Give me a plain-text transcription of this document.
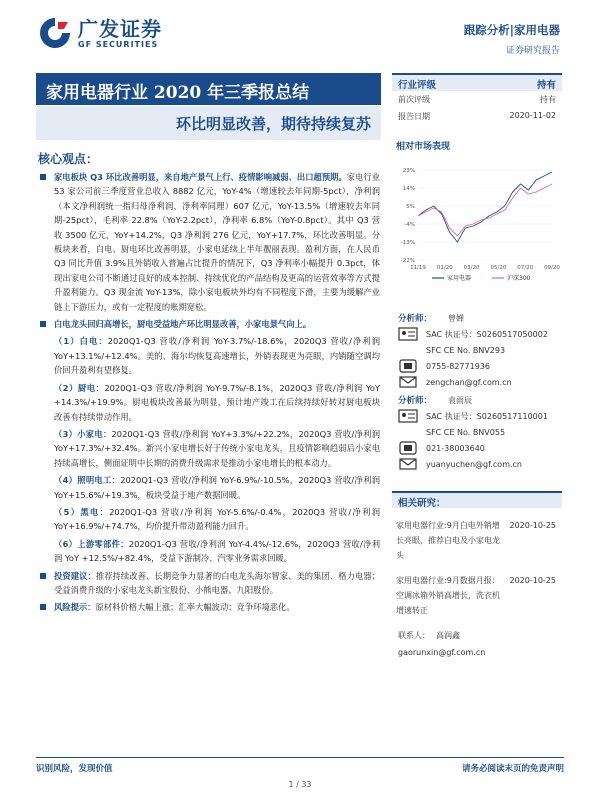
广发证券
GF SECURITIES
跟踪分析|家用电器
证券研究报告
家用电器行业 2020 年三季报总结
环比明显改善，期待持续复苏
核心观点：

家电板块 Q3 环比改善明显，来自地产景气上行、疫情影响减弱、出口超预期。家电行业 53 家公司前三季度营业总收入 8882 亿元，YoY-4%（增速较去年同期-5pct），净利润（本文净利润统一指归母净利润，净利率同理）607 亿元，YoY-13.5%（增速较去年同期-25pct），毛利率 22.8%（YoY-2.2pct），净利率 6.8%（YoY-0.8pct）。其中 Q3 营收 3500 亿元，YoY+14.2%，Q3 净利润 276 亿元，YoY+17.7%，环比改善明显。分板块来看，白电、厨电环比改善明显，小家电延续上半年靓丽表现。盈利方面，在人民币 Q3 同比升值 3.9%且外销收入普遍占比提升的情况下，Q3 净利率小幅提升 0.3pct，体现出家电公司不断通过良好的成本控制、持续优化的产品结构及更高的运营效率等方式提升盈利能力。Q3 现金流 YoY-13%，除小家电板块外均有不同程度下滑，主要为缓解产业链上下游压力，或有一定程度的账期宽松。

白电龙头回归高增长，厨电受益地产环比明显改善，小家电景气向上。

（1）白电：2020Q1-Q3 营收/净利润 YoY-3.7%/-18.6%，2020Q3 营收/净利润 YoY+13.1%/+12.4%。美的、海尔均恢复高速增长，外销表现更为亮眼，内销随空调均价回升盈利有望修复。

（2）厨电：2020Q1-Q3 营收/净利润 YoY-9.7%/-8.1%，2020Q3 营收/净利润 YoY +14.3%/+19.9%。厨电板块改善最为明显，预计地产竣工在后续持续好转对厨电板块改善有持续带动作用。

（3）小家电：2020Q1-Q3 营收/净利润 YoY+3.3%/+22.2%，2020Q3 营收/净利润 YoY+17.3%/+32.4%。新兴小家电增长好于传统小家电龙头，且疫情影响趋弱后小家电持续高增长，侧面证明中长期的消费升级需求是推动小家电增长的根本动力。

（4）照明电工：2020Q1-Q3 营收/净利润 YoY-6.9%/-10.5%，2020Q3 营收/净利润 YoY+15.6%/+19.3%，板块受益于地产数据回暖。

（5）黑电：2020Q1-Q3 营收/净利润 YoY-5.6%/-0.4%，2020Q3 营收/净利润 YoY+16.9%/+74.7%，均价提升带动盈利能力回升。

（6）上游零部件：2020Q1-Q3 营收/净利润 YoY-4.4%/-12.6%，2020Q3 营收/净利润 YoY +12.5%/+82.4%，受益下游制冷、汽零业务需求回暖。

投资建议：推荐持续改善、长期竞争力显著的白电龙头海尔智家、美的集团、格力电器；受益消费升级的小家电龙头新宝股份、小熊电器、九阳股份。

风险提示：原材料价格大幅上涨；汇率大幅波动；竞争环境恶化。

行业评级	持有
前次评级	持有
报告日期	2020-11-02
相对市场表现
23%
14%
5%
-4%
-13%
-22%
11/19 01/20 03/20 05/20 07/20 09/20
家用电器	沪深300
分析师：	曾婵
SAC 执证号：S0260517050002
SFC CE No. BNV293
0755-82771936
zengchan@gf.com.cn
分析师：	袁雨辰
SAC 执证号：S0260517110001
SFC CE No. BNV055
021-38003640
yuanyuchen@gf.com.cn
相关研究：
家用电器行业:9月白电外销增长亮眼，推荐白电及小家电龙头
2020-10-25
家用电器行业:9月数据月报：空调冰箱外销高增长，洗衣机增速转正
2020-10-25
联系人： 高润鑫
gaorunxin@gf.com.cn
识别风险，发现价值	请务必阅读末页的免责声明
1 / 33
